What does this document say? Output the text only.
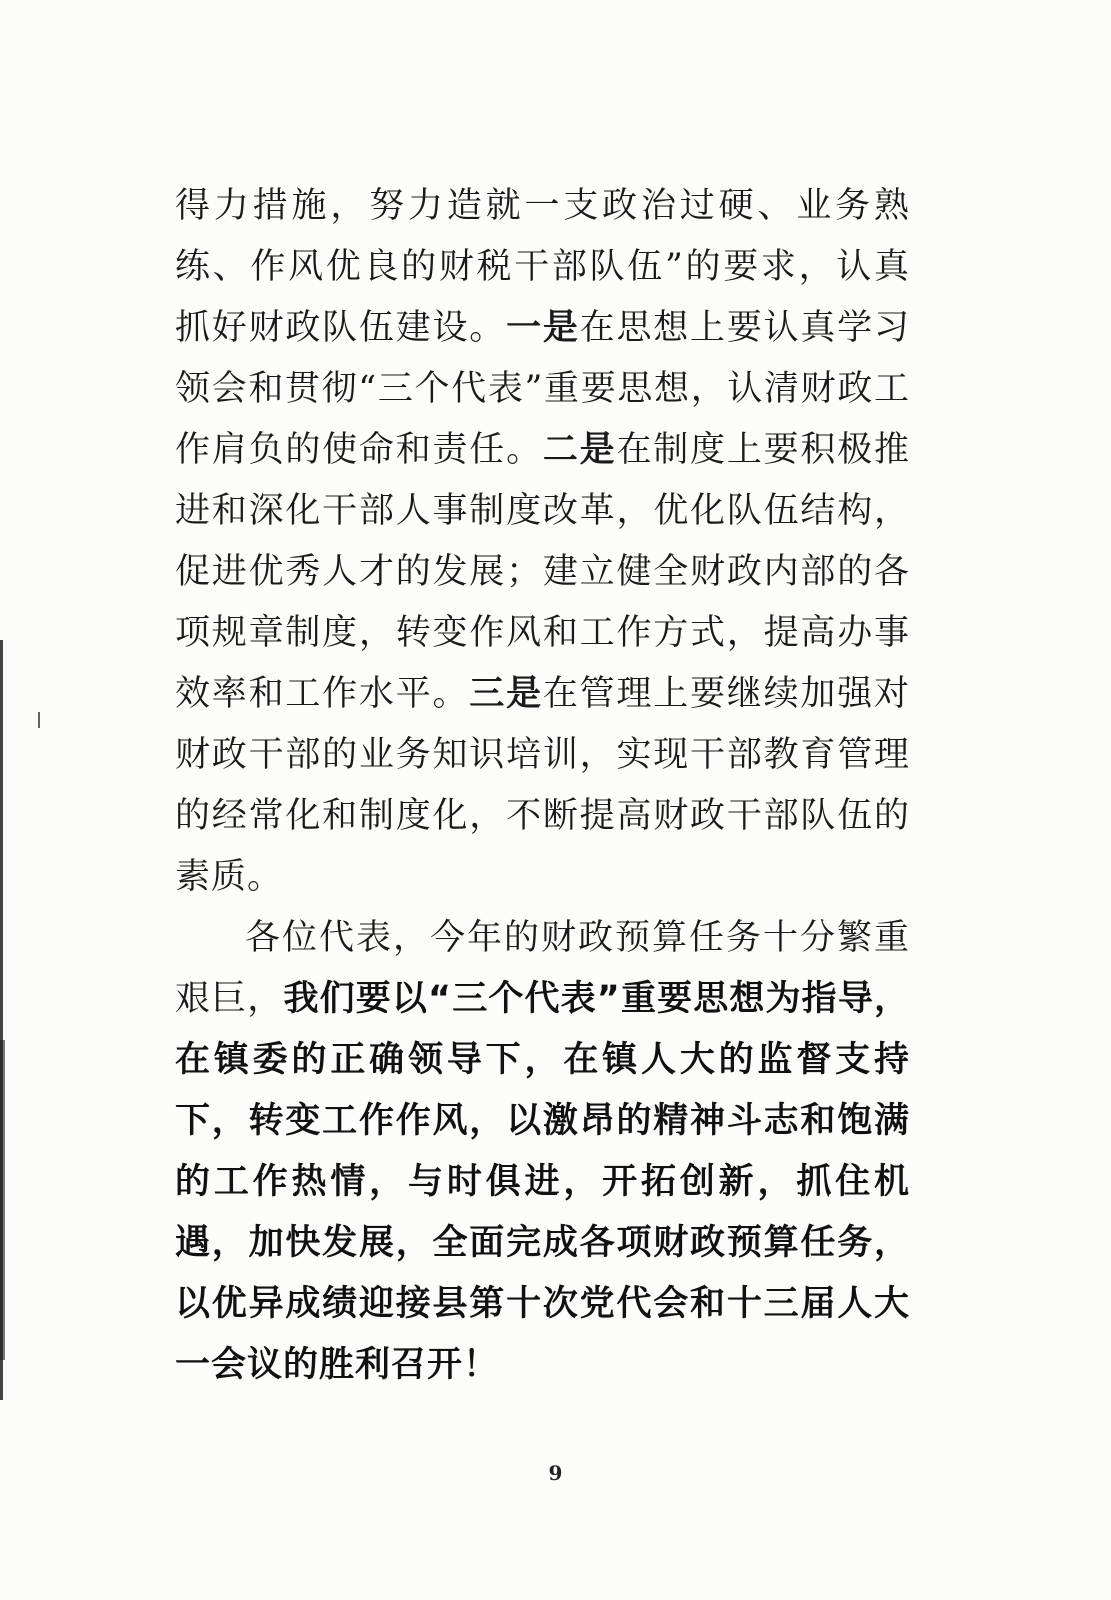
得力措施，努力造就一支政治过硬、业务熟练、作风优良的财税干部队伍”的要求，认真抓好财政队伍建设。一是在思想上要认真学习领会和贯彻“三个代表”重要思想，认清财政工作肩负的使命和责任。二是在制度上要积极推进和深化干部人事制度改革，优化队伍结构，促进优秀人才的发展；建立健全财政内部的各项规章制度，转变作风和工作方式，提高办事效率和工作水平。三是在管理上要继续加强对财政干部的业务知识培训，实现干部教育管理的经常化和制度化，不断提高财政干部队伍的素质。

各位代表，今年的财政预算任务十分繁重艰巨，我们要以“三个代表”重要思想为指导，在镇委的正确领导下，在镇人大的监督支持下，转变工作作风，以激昂的精神斗志和饱满的工作热情，与时俱进，开拓创新，抓住机遇，加快发展，全面完成各项财政预算任务，以优异成绩迎接县第十次党代会和十三届人大一会议的胜利召开！

9
